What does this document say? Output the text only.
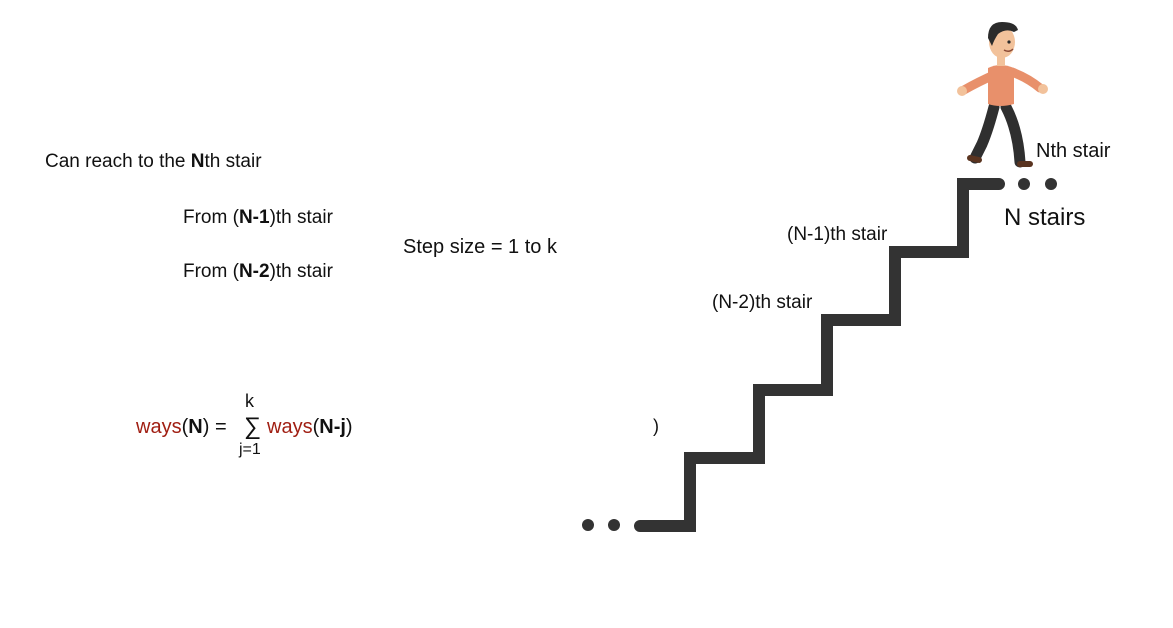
Can reach to the Nth stair
From (N-1)th stair
From (N-2)th stair
Step size = 1 to k
ways(N) =
k
∑
j=1
ways(N-j)	)
Nth stair
N stairs
(N-1)th stair
(N-2)th stair
